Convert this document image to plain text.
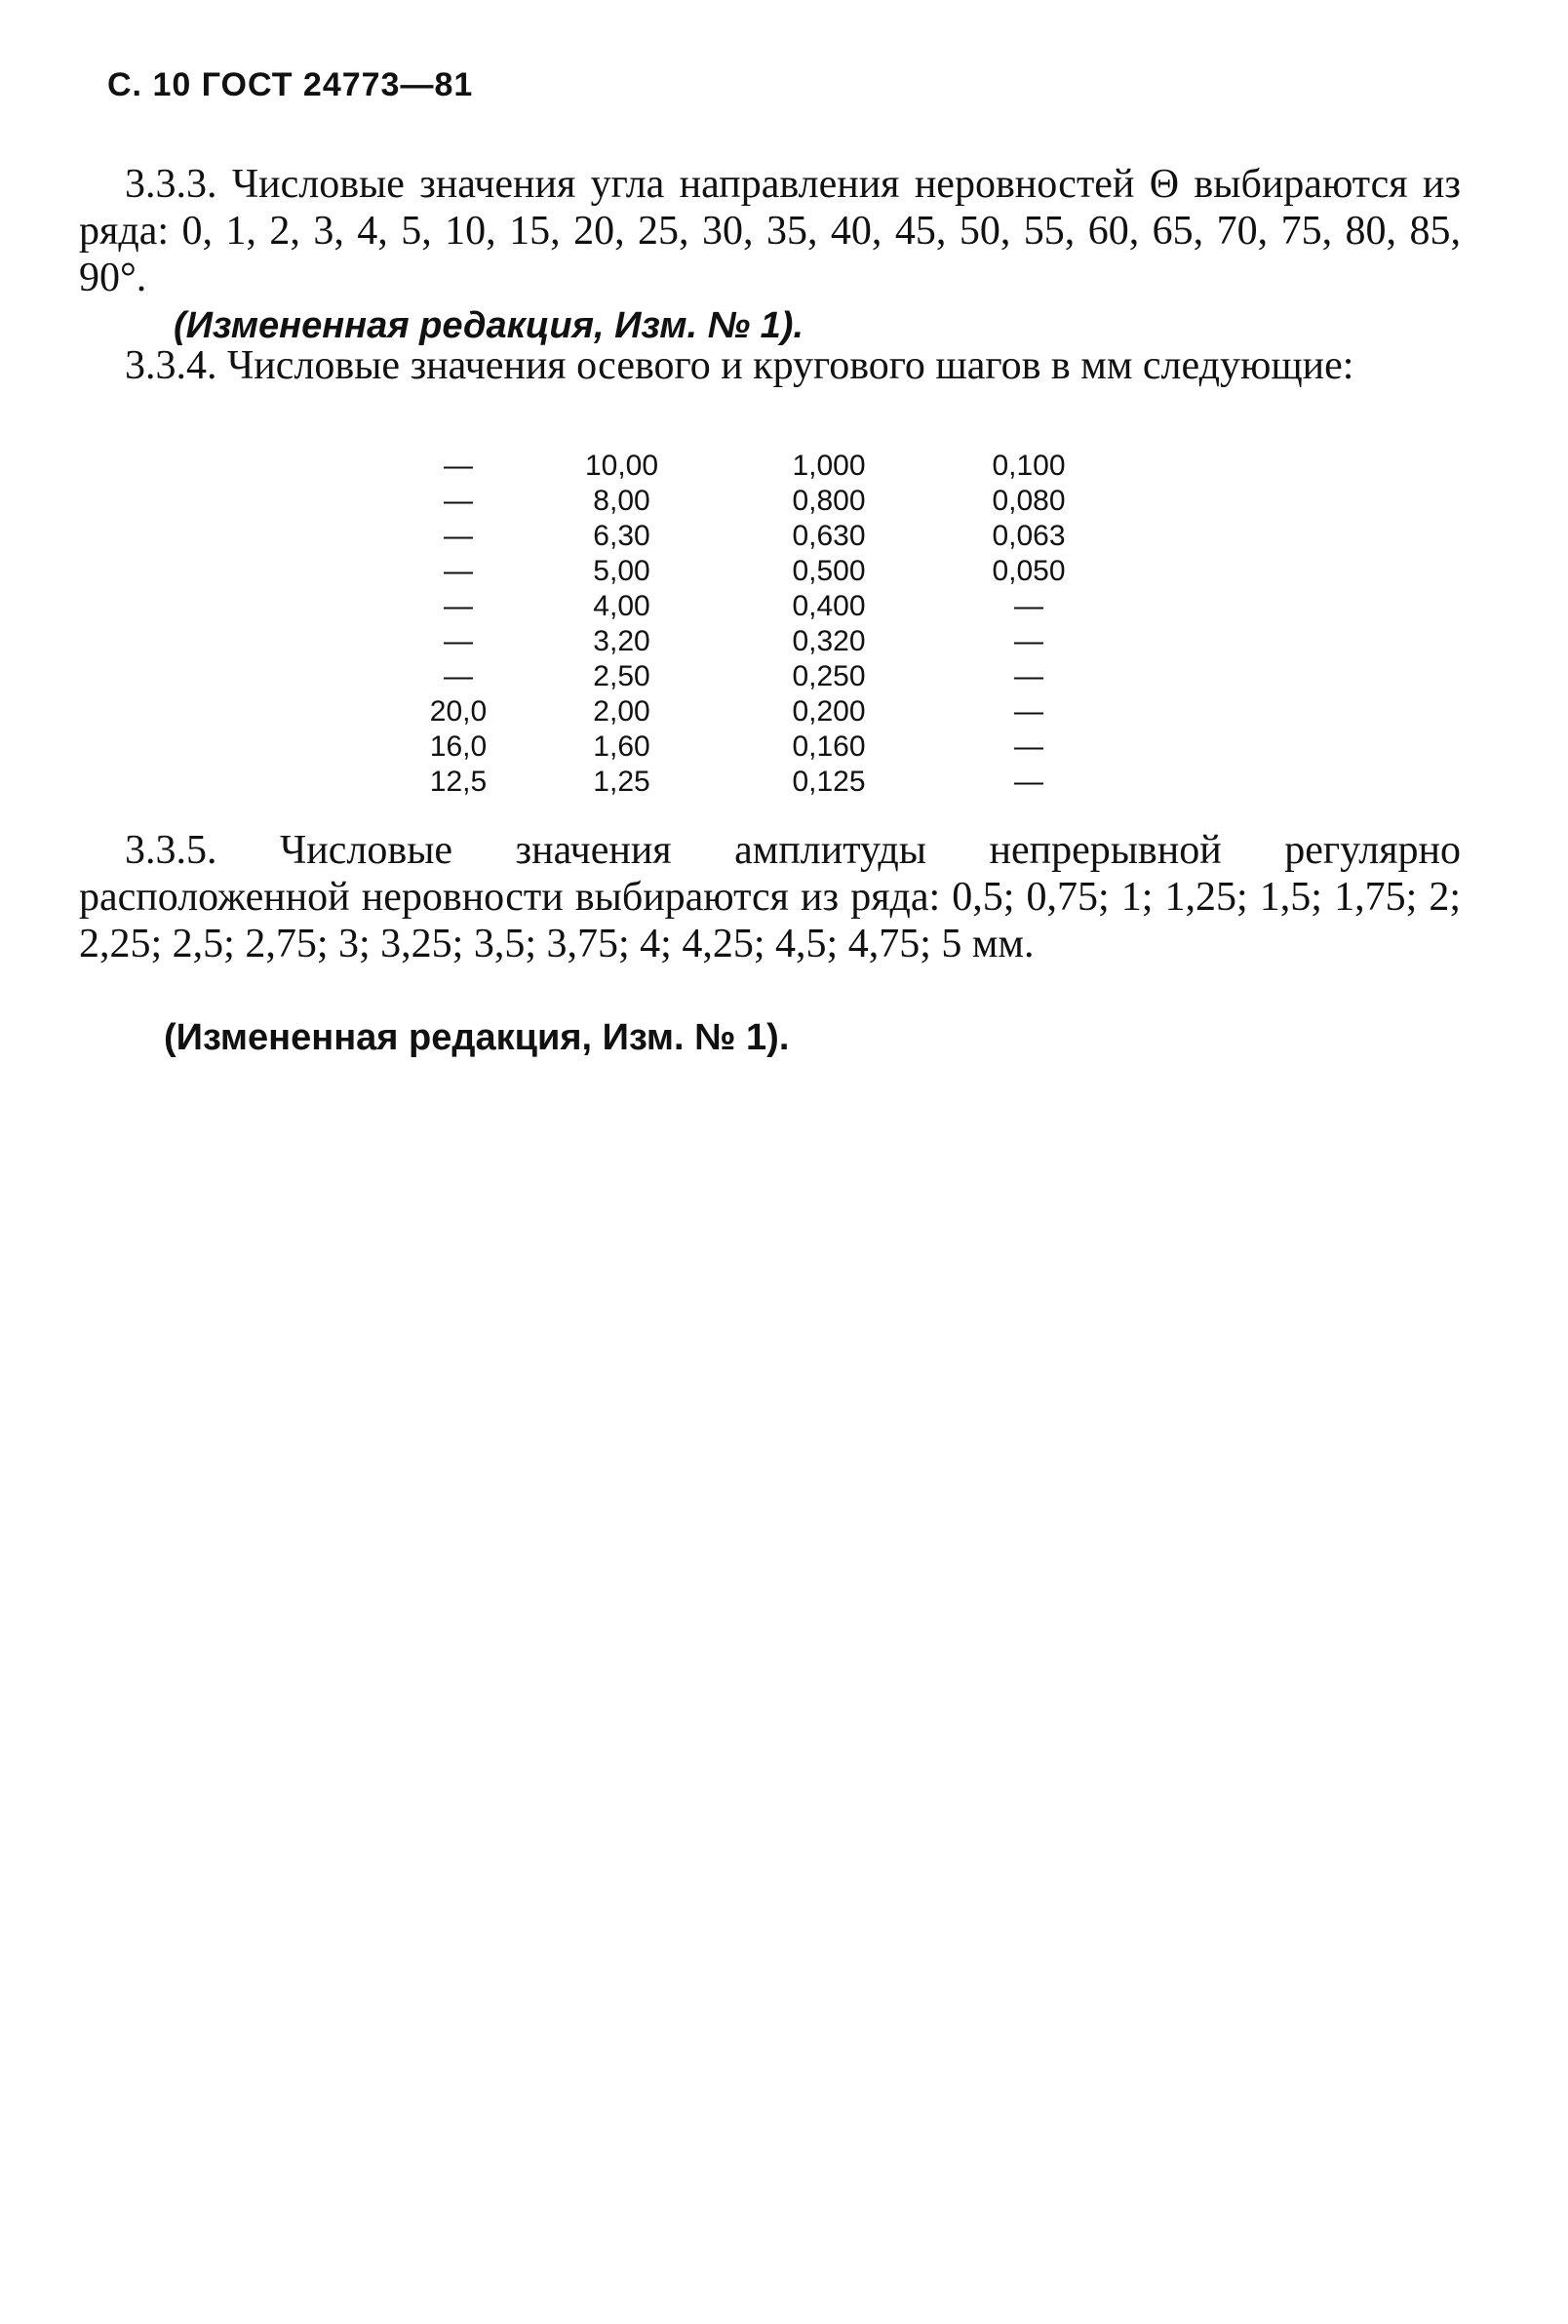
С. 10 ГОСТ 24773—81

3.3.3. Числовые значения угла направления неровностей Θ выбираются из ряда: 0, 1, 2, 3, 4, 5, 10, 15, 20, 25, 30, 35, 40, 45, 50, 55, 60, 65, 70, 75, 80, 85, 90°.

(Измененная редакция, Изм. № 1).

3.3.4. Числовые значения осевого и кругового шагов в мм следующие:

—	10,00	1,000	0,100
—	8,00	0,800	0,080
—	6,30	0,630	0,063
—	5,00	0,500	0,050
—	4,00	0,400	—
—	3,20	0,320	—
—	2,50	0,250	—
20,0	2,00	0,200	—
16,0	1,60	0,160	—
12,5	1,25	0,125	—

3.3.5. Числовые значения амплитуды непрерывной регулярно расположенной неровности выбираются из ряда: 0,5; 0,75; 1; 1,25; 1,5; 1,75; 2; 2,25; 2,5; 2,75; 3; 3,25; 3,5; 3,75; 4; 4,25; 4,5; 4,75; 5 мм.

(Измененная редакция, Изм. № 1).
